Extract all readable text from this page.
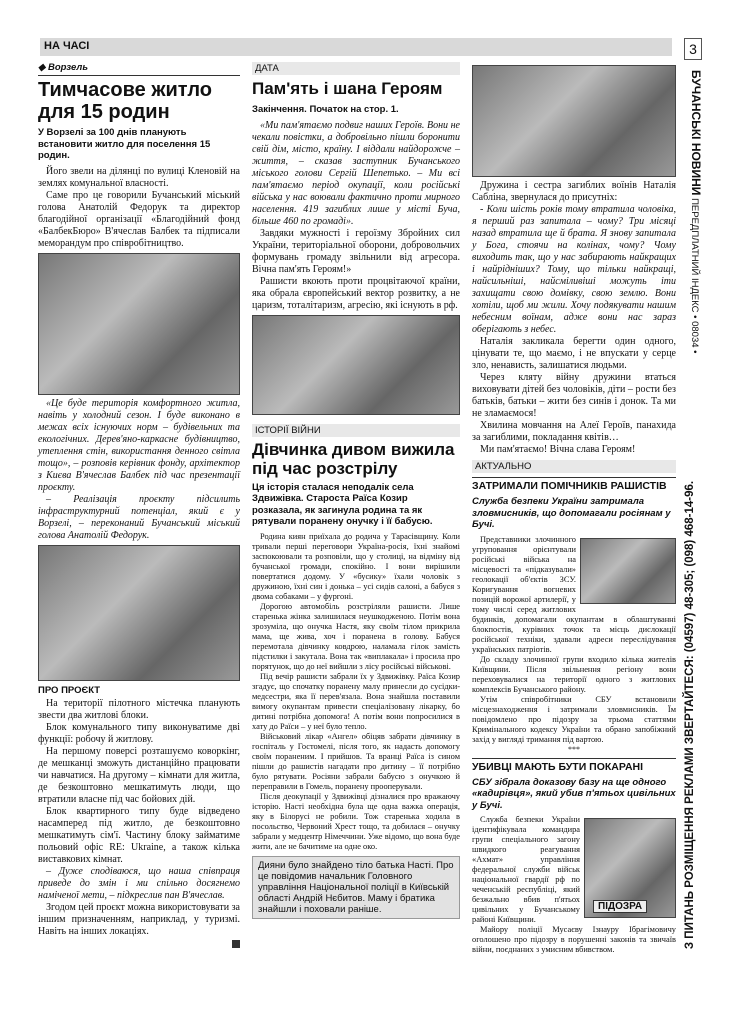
НА ЧАСІ	3
БУЧАНСЬКІ НОВИНИ ПЕРЕДПЛАТНИЙ ІНДЕКС • 08034 •
З ПИТАНЬ РОЗМІЩЕННЯ РЕКЛАМИ ЗВЕРТАЙТЕСЯ: (04597) 48-305; (098) 468-14-96.
◆ Ворзель
Тимчасове житло для 15 родин
У Ворзелі за 100 днів планують встановити житло для поселення 15 родин.

Його звели на ділянці по вулиці Кленовій на землях комунальної власності.

Саме про це говорили Бучанський міський голова Анатолій Федорук та директор благодійної організації «Благодійний фонд «БалбекБюро» В'ячеслав Балбек та підписали меморандум про співробітництво.

«Це буде територія комфортного житла, навіть у холодний сезон. І буде виконано в межах всіх існуючих норм – будівельних та екологічних. Дерев'яно-каркасне будівництво, утеплення стін, використання денного світла тощо», – розповів керівник фонду, архітектор з Києва В'ячеслав Балбек під час презентації проєкту.

– Реалізація проєкту підсилить інфраструктурний потенціал, який є у Ворзелі, – переконаний Бучанський міський голова Анатолій Федорук.

ПРО ПРОЄКТ

На території пілотного містечка планують звести два житлові блоки.

Блок комунального типу виконуватиме дві функції: робочу й житлову.

На першому поверсі розташуємо коворкінг, де мешканці зможуть дистанційно працювати чи навчатися. На другому – кімнати для житла, де безкоштовно мешкатимуть люди, що втратили власне під час бойових дій.

Блок квартирного типу буде відведено насамперед під житло, де безкоштовно мешкатимуть сім'ї. Частину блоку займатиме польовий офіс RE: Ukraine, а також кілька виставкових кімнат.

– Дуже сподіваюся, що наша співпраця приведе до змін і ми спільно досягнемо наміченої мети, – підкреслив пан В'ячеслав.

Згодом цей проєкт можна використовувати за іншим призначенням, наприклад, у туризмі. Навіть на інших локаціях.

ДАТА
Пам'ять і шана Героям
Закінчення. Початок на стор. 1.

«Ми пам'ятаємо подвиг наших Героїв. Вони не чекали повістки, а добровільно пішли боронити свій дім, місто, країну. І віддали найдорожче – життя, – сказав заступник Бучанського міського голови Сергій Шепетько. – Ми всі пам'ятаємо період окупації, коли російські війська у нас воювали фактично проти мирного населення. 419 загиблих лише у місті Буча, більше 460 по громаді».

Завдяки мужності і героїзму Збройних сил України, територіальної оборони, добровольчих формувань громаду звільнили від агресора. Вічна пам'ять Героям!»

Рашисти вкоють проти процвітаючої країни, яка обрала європейський вектор розвитку, а не царизм, тоталітаризм, агресію, які існують в рф.

ІСТОРІЇ ВІЙНИ
Дівчинка дивом вижила під час розстрілу
Ця історія сталася неподалік села Здвижівка. Староста Раїса Козир розказала, як загинула родина та як рятували поранену онучку і її бабусю.

Родина киян приїхала до родича у Тарасівщину. Коли тривали перші переговори Україна-росія, їхні знайомі заспокоювали та розповіли, що у столиці, на відміну від бучанської громади, спокійно. І вони вирішили повертатися додому. У «бусику» їхали чоловік з дружиною, їхні син і донька – усі сидів салоні, а бабуся з двома собаками – у фургоні.

Дорогою автомобіль розстріляли рашисти. Лише старенька жінка залишилася неушкодженою. Потім вона зрозуміла, що онучка Настя, яку своїм тілом прикрила мама, ще жива, хоч і поранена в голову. Бабуся перемотала дівчинку ковдрою, наламала гілок замість підстилки і закутала. Вона так «виплакала» і просила про порятунок, що до неї вийшли з лісу російські військові.

Під вечір рашисти забрали їх у Здвижівку. Раїса Козир згадує, що спочатку поранену малу принесли до сусідки-медсестри, яка її перев'язала. Вона знайшла поставили вимогу окупантам привести спеціалізовану лікарку, бо дитині потрібна допомога! А потім вони попросилися в хату до Раїси – у неї було тепло.

Військовий лікар «Ангел» обіцяв забрати дівчинку в госпіталь у Гостомелі, після того, як надасть допомогу своїм пораненим. І прийшов. Та вранці Раїса із сином пішли до рашистів нагадати про дитину – її потрібно було рятувати. Росіяни забрали бабусю з онучкою й переправили в Гомель, поранену прооперували.

Після деокупації у Здвижівці дізналися про вражаючу історію. Насті необхідна була ще одна важка операція, яку в Білорусі не робили. Тож старенька ходила в посольство, Червоний Хрест тощо, та добилася – онучку забрали у медцентр Німеччини. Уже відомо, що вона буде жити, але не бачитиме на одне око.

Дияни було знайдено тіло батька Насті. Про це повідомив начальник Головного управління Національної поліції в Київській області Андрій Нєбитов. Маму і братика знайшли і поховали раніше.

Дружина і сестра загиблих воїнів Наталія Сабліна, звернулася до присутніх:

- Коли шість років тому втратила чоловіка, я перший раз запитала – чому? Три місяці назад втратила ще й брата. Я знову запитала у Бога, стоячи на колінах, чому? Чому виходить так, що у нас забирають найкращих і найрідніших? Тому, що тільки найкращі, найсильніші, найсміливіші можуть іти захищати свою домівку, свою землю. Вони хотіли, щоб ми жили. Хочу подякувати нашим небесним воїнам, адже вони нас зараз оберігають з небес.

Наталія закликала берегти один одного, цінувати те, що маємо, і не впускати у серце зло, ненависть, залишатися людьми.

Через кляту війну дружини втаться виховувати дітей без чоловіків, діти – рости без батьків, батьки – жити без синів і донок. Та ми не зламаємося!

Хвилина мовчання на Алеї Героїв, панахида за загиблими, покладання квітів…

Ми пам'ятаємо! Вічна слава Героям!

АКТУАЛЬНО
ЗАТРИМАЛИ ПОМІЧНИКІВ РАШИСТІВ
Служба безпеки України затримала зловмисників, що допомагали росіянам у Бучі.

Представники злочинного угруповання орієнтували російські війська на місцевості та «підказували» геолокації об'єктів ЗСУ. Коригування вогневих позицій ворожої артилерії, у тому числі серед житлових будинків, допомагали окупантам в облаштуванні блокпостів, курівних точок та місць дислокації російської техніки, здавали адреси переслідування українських патріотів.

До складу злочинної групи входило кілька жителів Київщини. Після звільнення регіону вони переховувалися на території одного з житлових комплексів Бучанського району.

Утім співробітники СБУ встановили місцезнаходження і затримали зловмисників. Їм повідомлено про підозру за трьома статтями Кримінального кодексу України та обрано запобіжний захід у вигляді тримання під вартою.

***
УБИВЦІ МАЮТЬ БУТИ ПОКАРАНІ
СБУ зібрала доказову базу на ще одного «кадирівця», який убив п'ятьох цивільних у Бучі.
ПІДОЗРА

Служба безпеки України ідентифікувала командира групи спеціального загону швидкого реагування «Ахмат» управління федеральної служби військ національної гвардії рф по чеченській республіці, який безжально вбив п'ятьох цивільних у Бучанському районі Київщини.

Майору поліції Мусаєву Ізнауру Ібрагімовичу оголошено про підозру в порушенні законів та звичаїв війни, поєднаних з умисним вбивством.
